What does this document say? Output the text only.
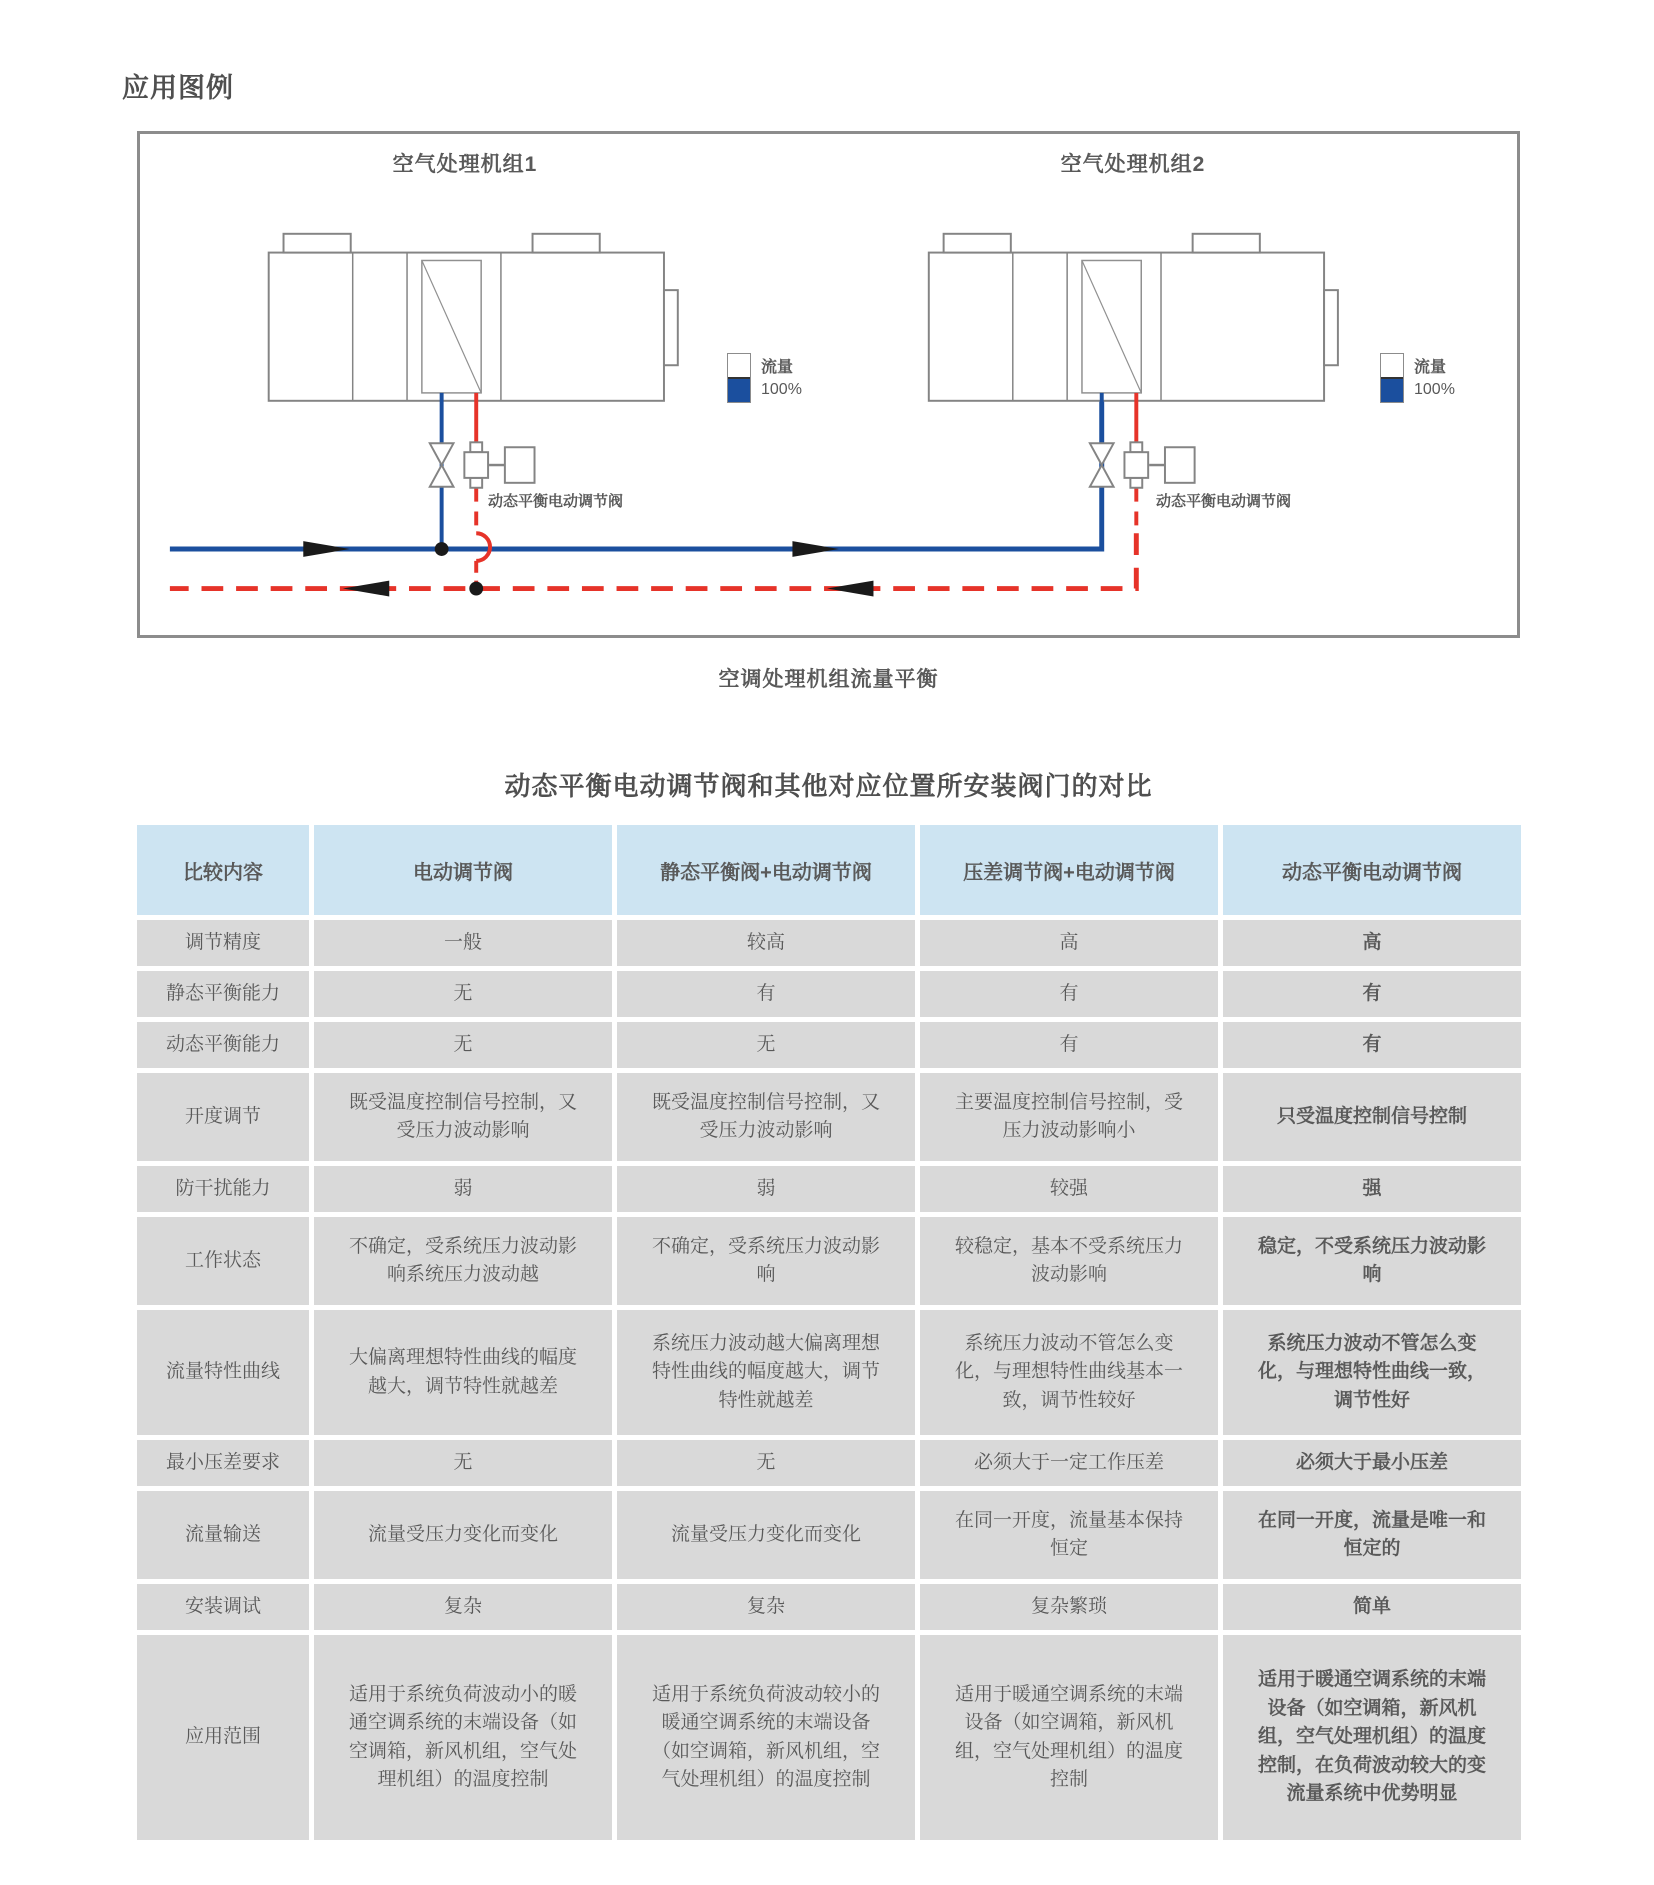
应用图例
空气处理机组1	空气处理机组2
动态平衡电动调节阀	动态平衡电动调节阀
流量
100%
流量
100%
空调处理机组流量平衡
动态平衡电动调节阀和其他对应位置所安装阀门的对比
比较内容	电动调节阀	静态平衡阀+电动调节阀	压差调节阀+电动调节阀	动态平衡电动调节阀
调节精度	一般	较高	高	高
静态平衡能力	无	有	有	有
动态平衡能力	无	无	有	有
开度调节	既受温度控制信号控制，又受压力波动影响	既受温度控制信号控制，又受压力波动影响	主要温度控制信号控制，受压力波动影响小	只受温度控制信号控制
防干扰能力	弱	弱	较强	强
工作状态	不确定，受系统压力波动影响系统压力波动越	不确定，受系统压力波动影响	较稳定，基本不受系统压力波动影响	稳定，不受系统压力波动影响
流量特性曲线	大偏离理想特性曲线的幅度越大，调节特性就越差	系统压力波动越大偏离理想特性曲线的幅度越大，调节特性就越差	系统压力波动不管怎么变化，与理想特性曲线基本一致，调节性较好	系统压力波动不管怎么变化，与理想特性曲线一致，调节性好
最小压差要求	无	无	必须大于一定工作压差	必须大于最小压差
流量输送	流量受压力变化而变化	流量受压力变化而变化	在同一开度，流量基本保持恒定	在同一开度，流量是唯一和恒定的
安装调试	复杂	复杂	复杂繁琐	简单
应用范围	适用于系统负荷波动小的暖通空调系统的末端设备（如空调箱，新风机组，空气处理机组）的温度控制	适用于系统负荷波动较小的暖通空调系统的末端设备（如空调箱，新风机组，空气处理机组）的温度控制	适用于暖通空调系统的末端设备（如空调箱，新风机组，空气处理机组）的温度控制	适用于暖通空调系统的末端设备（如空调箱，新风机组，空气处理机组）的温度控制，在负荷波动较大的变流量系统中优势明显
